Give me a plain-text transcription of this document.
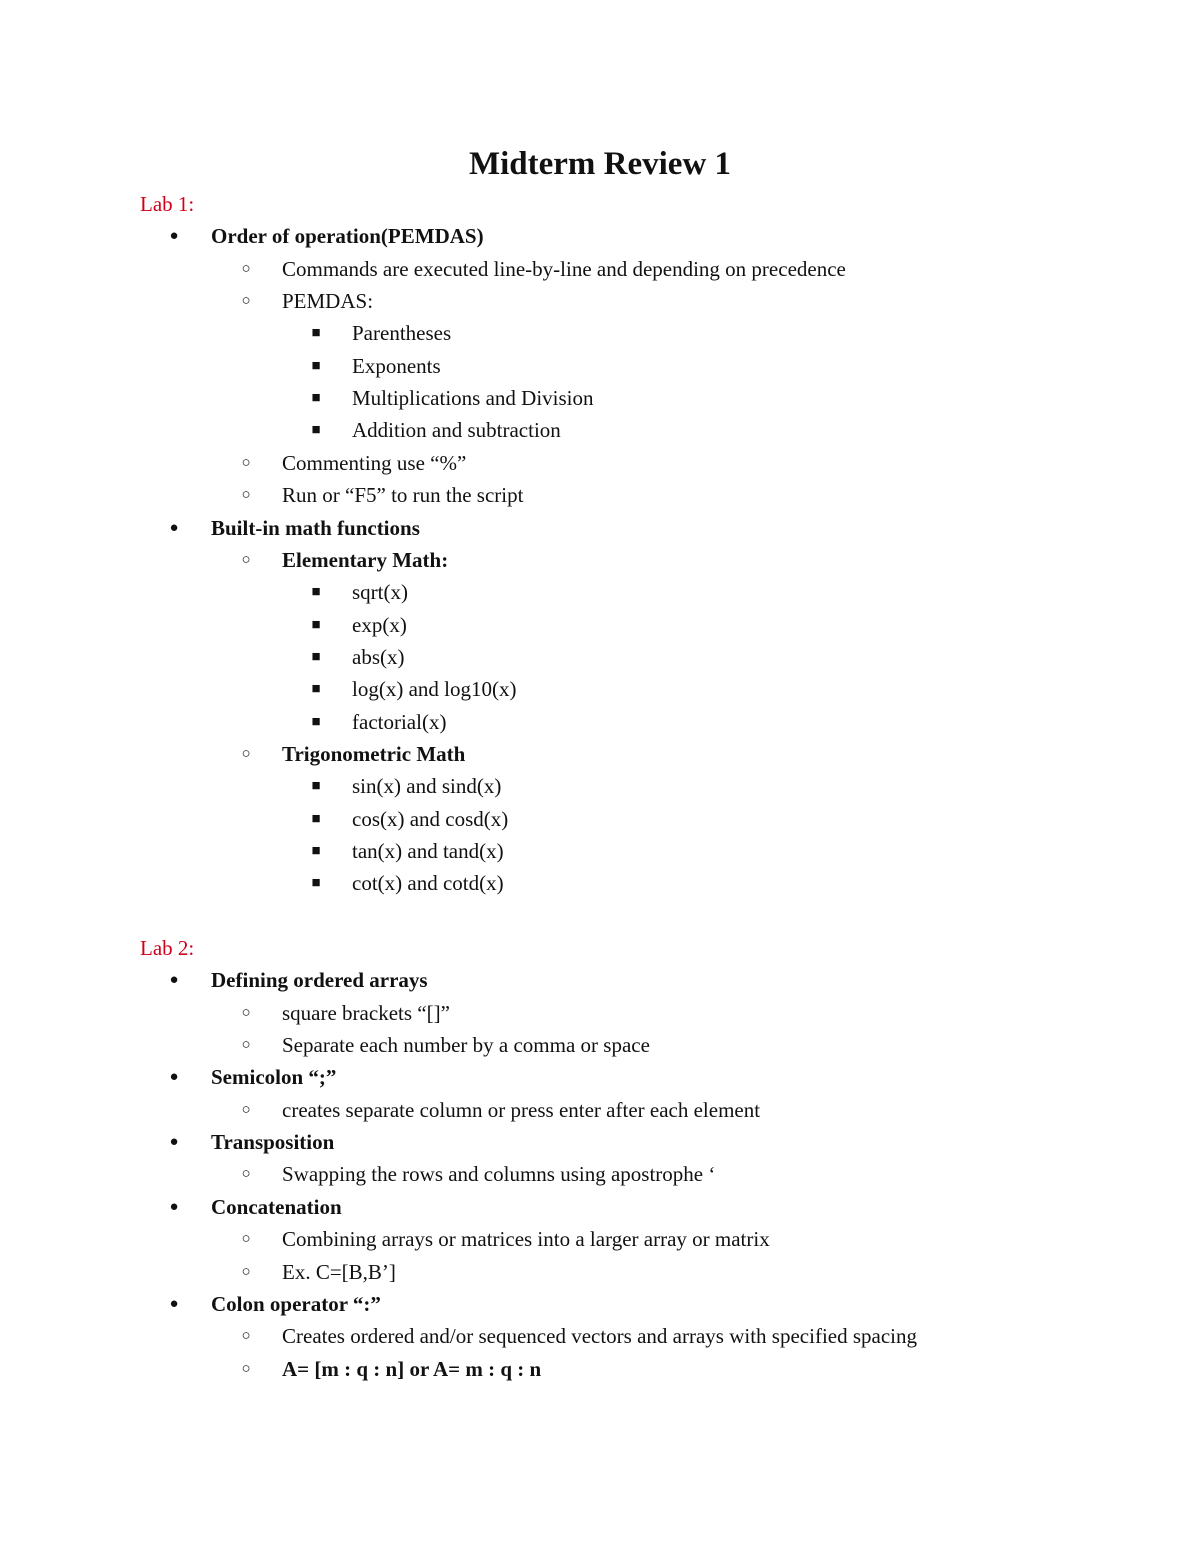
Midterm Review 1
Lab 1:
● Order of operation(PEMDAS)
○ Commands are executed line-by-line and depending on precedence
○ PEMDAS:
■ Parentheses
■ Exponents
■ Multiplications and Division
■ Addition and subtraction
○ Commenting use “%”
○ Run or “F5” to run the script
● Built-in math functions
○ Elementary Math:
■ sqrt(x)
■ exp(x)
■ abs(x)
■ log(x) and log10(x)
■ factorial(x)
○ Trigonometric Math
■ sin(x) and sind(x)
■ cos(x) and cosd(x)
■ tan(x) and tand(x)
■ cot(x) and cotd(x)
Lab 2:
● Defining ordered arrays
○ square brackets “[]”
○ Separate each number by a comma or space
● Semicolon “;”
○ creates separate column or press enter after each element
● Transposition
○ Swapping the rows and columns using apostrophe ‘
● Concatenation
○ Combining arrays or matrices into a larger array or matrix
○ Ex. C=[B,B’]
● Colon operator “:”
○ Creates ordered and/or sequenced vectors and arrays with specified spacing
○ A= [m : q : n] or A= m : q : n
